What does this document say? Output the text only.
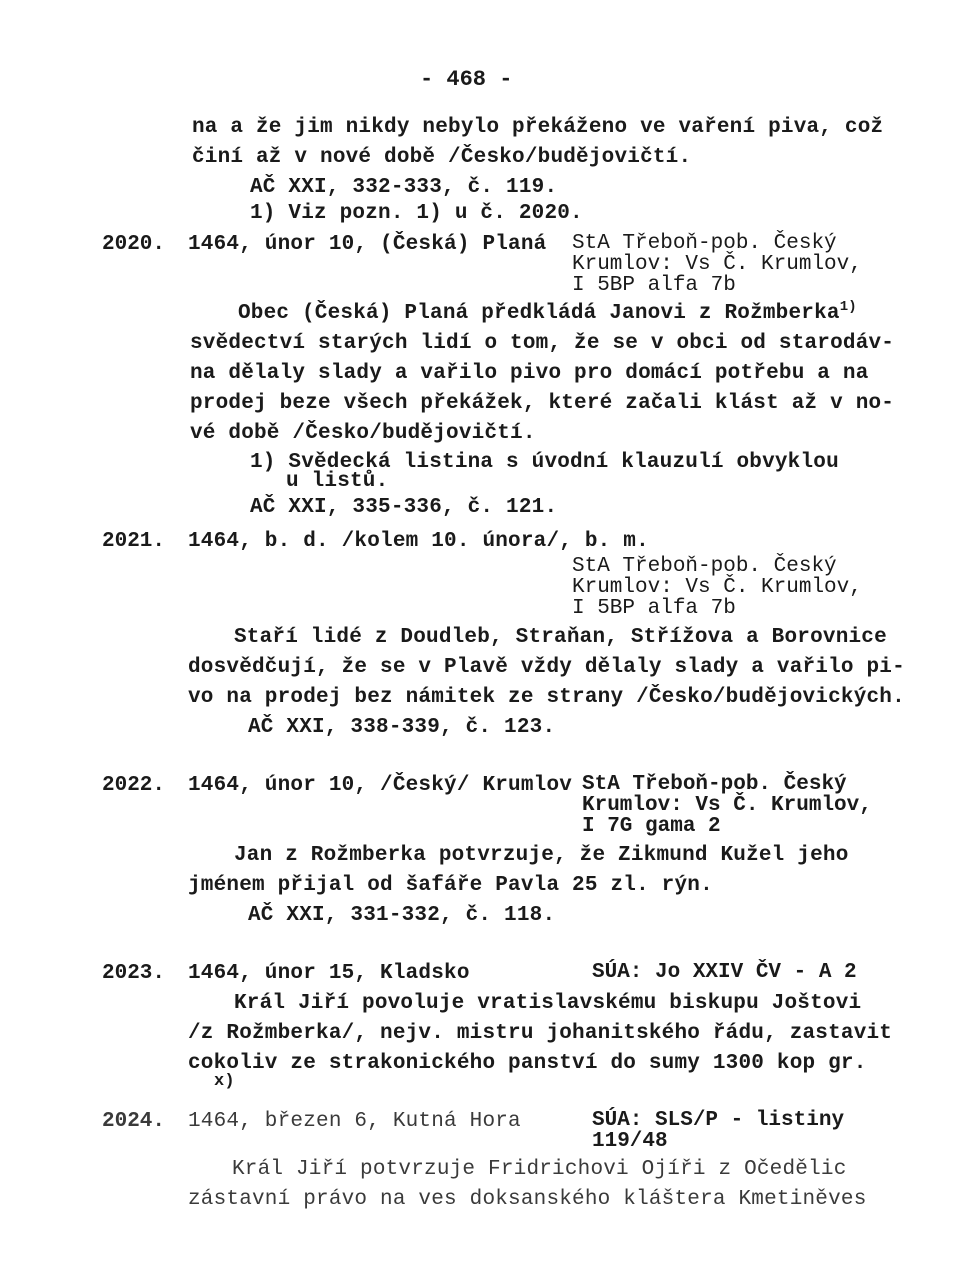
- 468 -
na a že jim nikdy nebylo překáženo ve vaření piva, což
činí až v nové době /Česko/budějovičtí.
AČ XXI, 332-333, č. 119.
1) Viz pozn. 1) u č. 2020.
2020. 1464, únor 10, (Česká) Planá StA Třeboň-pob. Český
Krumlov: Vs Č. Krumlov,
I 5BP alfa 7b
Obec (Česká) Planá předkládá Janovi z Rožmberka$^{1)}$
svědectví starých lidí o tom, že se v obci od starodáv-
na dělaly slady a vařilo pivo pro domácí potřebu a na
prodej beze všech překážek, které začali klást až v no-
vé době /Česko/budějovičtí.
1) Svědecká listina s úvodní klauzulí obvyklou
u listů.
AČ XXI, 335-336, č. 121.
2021. 1464, b. d. /kolem 10. února/, b. m.
StA Třeboň-pob. Český
Krumlov: Vs Č. Krumlov,
I 5BP alfa 7b
Staří lidé z Doudleb, Straňan, Střížova a Borovnice
dosvědčují, že se v Plavě vždy dělaly slady a vařilo pi-
vo na prodej bez námitek ze strany /Česko/budějovických.
AČ XXI, 338-339, č. 123.
2022. 1464, únor 10, /Český/ Krumlov StA Třeboň-pob. Český
Krumlov: Vs Č. Krumlov,
I 7G gama 2
Jan z Rožmberka potvrzuje, že Zikmund Kužel jeho
jménem přijal od šafáře Pavla 25 zl. rýn.
AČ XXI, 331-332, č. 118.
2023. 1464, únor 15, Kladsko	SÚA: Jo XXIV ČV - A 2
Král Jiří povoluje vratislavskému biskupu Joštovi
/z Rožmberka/, nejv. mistru johanitského řádu, zastavit
cokoliv ze strakonického panství do sumy 1300 kop gr.
x)
2024. 1464, březen 6, Kutná Hora	SÚA: SLS/P - listiny
119/48
Král Jiří potvrzuje Fridrichovi Ojíři z Očedělic
zástavní právo na ves doksanského kláštera Kmetiněves
